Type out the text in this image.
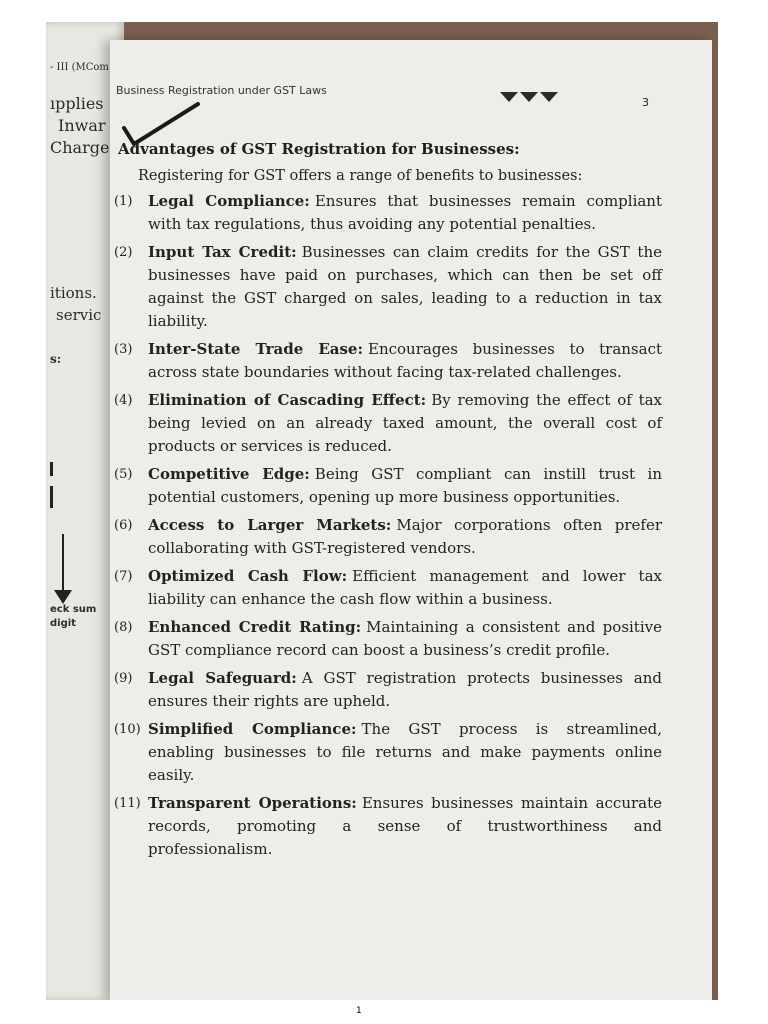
- III (MCom
ıpplies
Inwar
Charge
itions.
servic
s:
eck sum
digit
Business Registration under GST Laws
3
Advantages of GST Registration for Businesses:
Registering for GST offers a range of benefits to businesses:
(1)	Legal Compliance: Ensures that businesses remain compliant with tax regulations, thus avoiding any potential penalties.
(2)	Input Tax Credit: Businesses can claim credits for the GST the businesses have paid on purchases, which can then be set off against the GST charged on sales, leading to a reduction in tax liability.
(3)	Inter-State Trade Ease: Encourages businesses to transact across state boundaries without facing tax-related challenges.
(4)	Elimination of Cascading Effect: By removing the effect of tax being levied on an already taxed amount, the overall cost of products or services is reduced.
(5)	Competitive Edge: Being GST compliant can instill trust in potential customers, opening up more business opportunities.
(6)	Access to Larger Markets: Major corporations often prefer collaborating with GST-registered vendors.
(7)	Optimized Cash Flow: Efficient management and lower tax liability can enhance the cash flow within a business.
(8)	Enhanced Credit Rating: Maintaining a consistent and positive GST compliance record can boost a business’s credit profile.
(9)	Legal Safeguard: A GST registration protects businesses and ensures their rights are upheld.
(10) Simplified Compliance: The GST process is streamlined, enabling businesses to file returns and make payments online easily.
(11) Transparent Operations: Ensures businesses maintain accurate records, promoting a sense of trustworthiness and professionalism.
1
